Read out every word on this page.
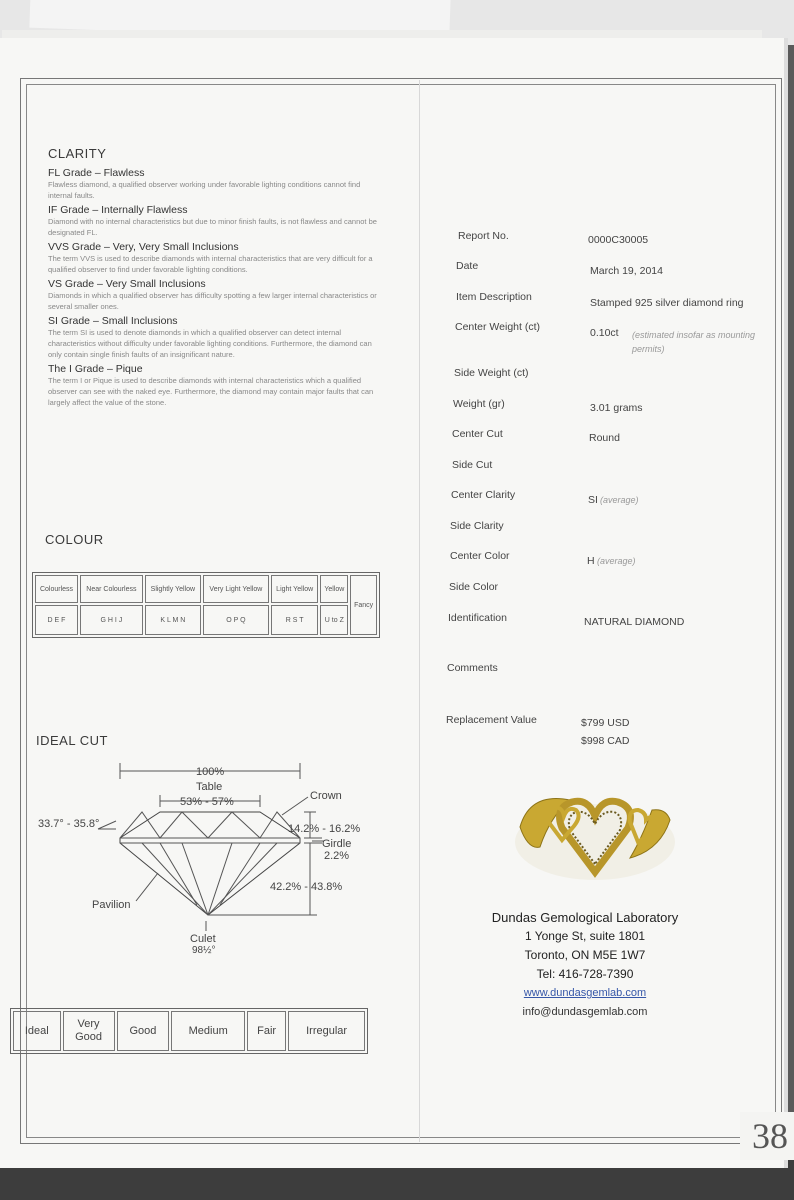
38
CLARITY
FL Grade – Flawless
Flawless diamond, a qualified observer working under favorable lighting conditions cannot find internal faults.
IF Grade – Internally Flawless
Diamond with no internal characteristics but due to minor finish faults, is not flawless and cannot be designated FL.
VVS Grade – Very, Very Small Inclusions
The term VVS is used to describe diamonds with internal characteristics that are very difficult for a qualified observer to find under favorable lighting conditions.
VS Grade – Very Small Inclusions
Diamonds in which a qualified observer has difficulty spotting a few larger internal characteristics or several smaller ones.
SI Grade – Small Inclusions
The term SI is used to denote diamonds in which a qualified observer can detect internal characteristics without difficulty under favorable lighting conditions. Furthermore, the diamond can only contain single finish faults of an insignificant nature.
The I Grade – Pique
The term I or Pique is used to describe diamonds with internal characteristics which a qualified observer can see with the naked eye. Furthermore, the diamond may contain major faults that can largely affect the value of the stone.
COLOUR
Colourless	Near Colourless	Slightly Yellow	Very Light Yellow	Light Yellow	Yellow	Fancy
D E F	G H I J	K L M N	O P Q	R S T	U to Z	
IDEAL CUT
100%
Table
53% - 57%	Crown
33.7° - 35.8°	14.2% - 16.2%
Girdle
2.2%
42.2% - 43.8%
Pavilion
Culet
98½°
Ideal	Very Good	Good	Medium	Fair	Irregular
Report No.	0000C30005
Date	March 19, 2014
Item Description	Stamped 925 silver diamond ring
Center Weight (ct)	0.10ct (estimated insofar as mounting permits)
Side Weight (ct)
Weight (gr)	3.01 grams
Center Cut	Round
Side Cut
Center Clarity	SI (average)
Side Clarity
Center Color	H (average)
Side Color
Identification	NATURAL DIAMOND
Comments
Replacement Value	$799 USD
$998 CAD
Dundas Gemological Laboratory
1 Yonge St, suite 1801
Toronto, ON M5E 1W7
Tel: 416-728-7390
www.dundasgemlab.com
info@dundasgemlab.com
